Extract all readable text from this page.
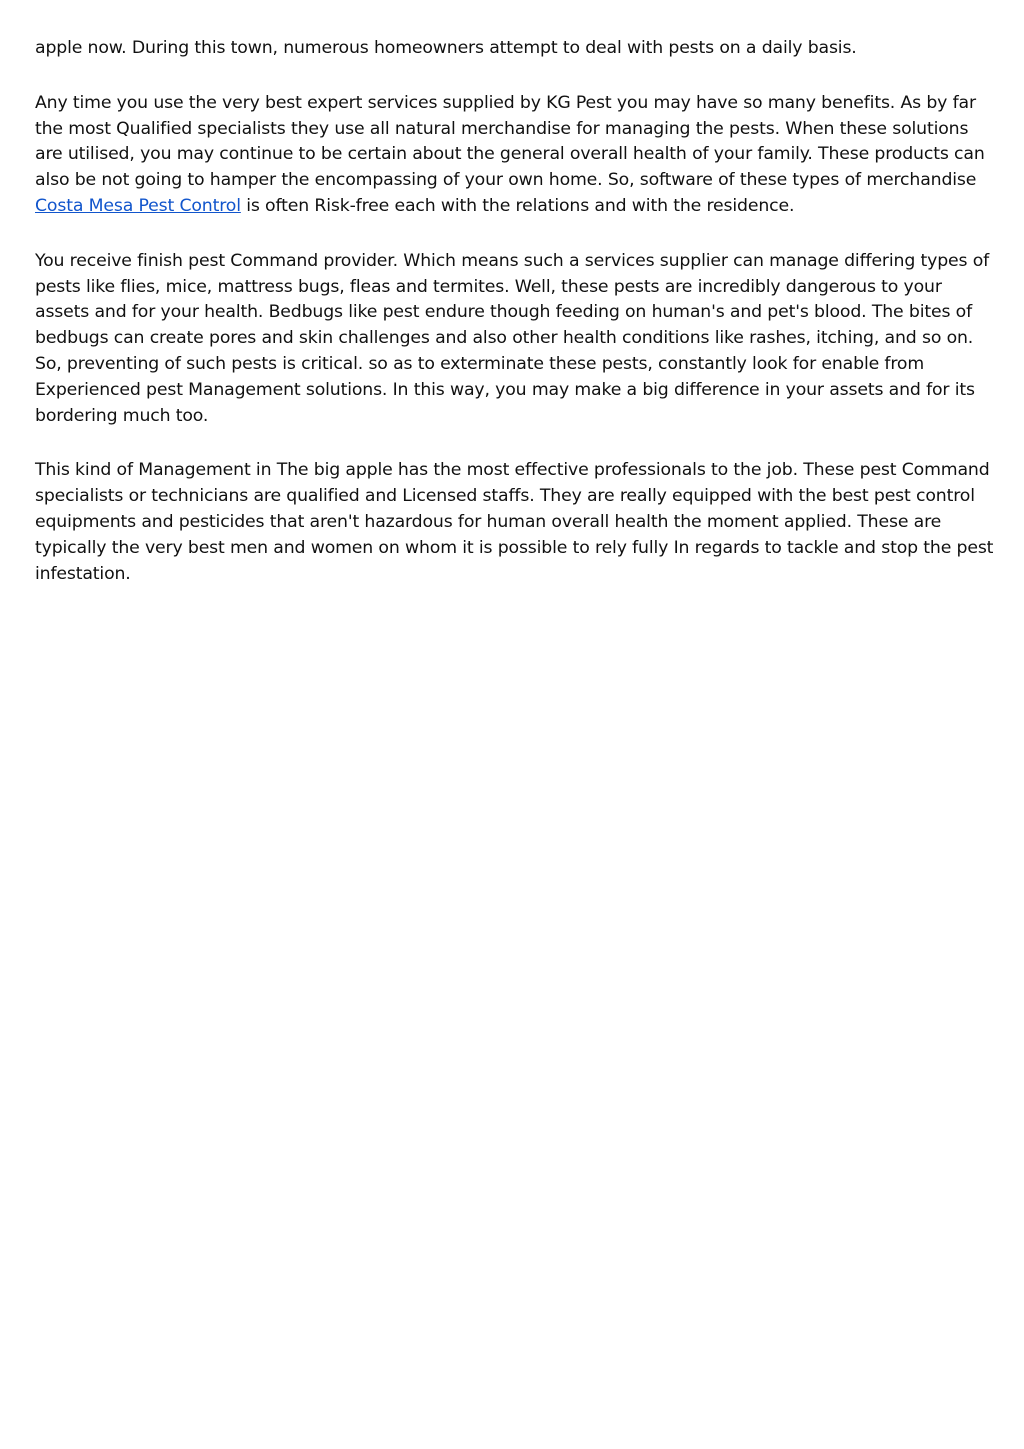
apple now. During this town, numerous homeowners attempt to deal with pests on a daily basis.

Any time you use the very best expert services supplied by KG Pest you may have so many benefits. As by far the most Qualified specialists they use all natural merchandise for managing the pests. When these solutions are utilised, you may continue to be certain about the general overall health of your family. These products can also be not going to hamper the encompassing of your own home. So, software of these types of merchandise Costa Mesa Pest Control is often Risk-free each with the relations and with the residence.

You receive finish pest Command provider. Which means such a services supplier can manage differing types of pests like flies, mice, mattress bugs, fleas and termites. Well, these pests are incredibly dangerous to your assets and for your health. Bedbugs like pest endure though feeding on human's and pet's blood. The bites of bedbugs can create pores and skin challenges and also other health conditions like rashes, itching, and so on. So, preventing of such pests is critical. so as to exterminate these pests, constantly look for enable from Experienced pest Management solutions. In this way, you may make a big difference in your assets and for its bordering much too.

This kind of Management in The big apple has the most effective professionals to the job. These pest Command specialists or technicians are qualified and Licensed staffs. They are really equipped with the best pest control equipments and pesticides that aren't hazardous for human overall health the moment applied. These are typically the very best men and women on whom it is possible to rely fully In regards to tackle and stop the pest infestation.
